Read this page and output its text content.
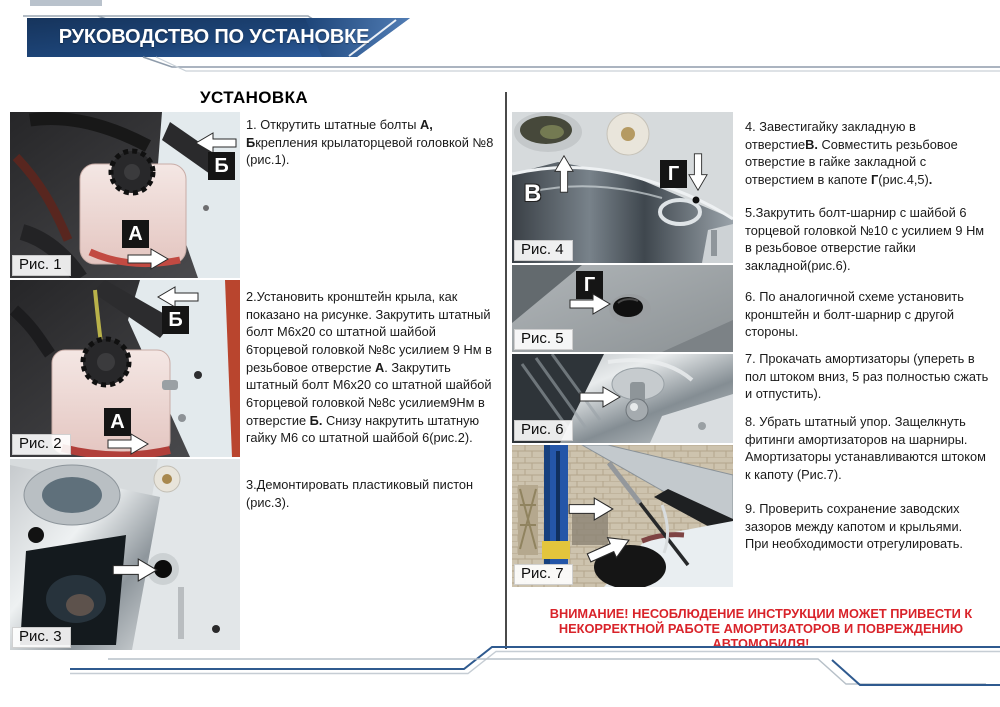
РУКОВОДСТВО ПО УСТАНОВКЕ
УСТАНОВКА

1. Открутить штатные болты А, Бкрепления крылаторцевой головкой №8 (рис.1).

2.Установить кронштейн крыла, как показано на рисунке. Закрутить штатный болт М6х20 со штатной шайбой 6торцевой головкой №8с усилием 9 Нм в резьбовое отверстие А. Закрутить штатный болт М6х20 со штатной шайбой 6торцевой головкой №8с усилием9Нм в отверстие Б. Снизу накрутить штатную гайку М6 со штатной шайбой 6(рис.2).

3.Демонтировать пластиковый пистон (рис.3).

4. Завестигайку закладную в отверстиеВ. Совместить резьбовое отверстие в гайке закладной с отверстием в капоте Г(рис.4,5).

5.Закрутить болт-шарнир с шайбой 6 торцевой головкой №10 с усилием 9 Нм в резьбовое отверстие гайки закладной(рис.6).

6. По аналогичной схеме установить кронштейн и болт-шарнир с другой стороны.

7. Прокачать амортизаторы (упереть в пол штоком вниз, 5 раз полностью сжать и отпустить).

8. Убрать штатный упор. Защелкнуть фитинги амортизаторов на шарниры. Амортизаторы устанавливаются штоком к капоту (Рис.7).

9. Проверить сохранение заводских зазоров между капотом и крыльями. При необходимости отрегулировать.

Б
А
Рис. 1
Б
А
Рис. 2
Рис. 3
В
Г
Рис. 4
Г
Рис. 5
Рис. 6
Рис. 7
ВНИМАНИЕ! НЕСОБЛЮДЕНИЕ ИНСТРУКЦИИ МОЖЕТ ПРИВЕСТИ К НЕКОРРЕКТНОЙ РАБОТЕ АМОРТИЗАТОРОВ И ПОВРЕЖДЕНИЮ АВТОМОБИЛЯ!
